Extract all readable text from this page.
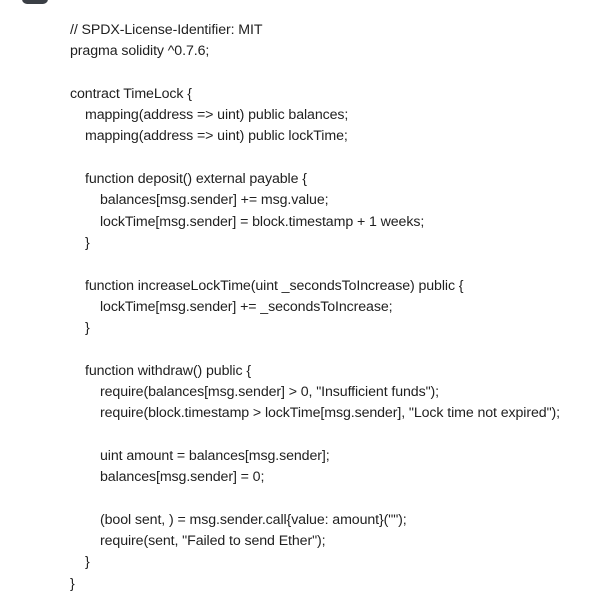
// SPDX-License-Identifier: MIT
pragma solidity ^0.7.6;
contract TimeLock {
mapping(address => uint) public balances;
mapping(address => uint) public lockTime;
function deposit() external payable {
balances[msg.sender] += msg.value;
lockTime[msg.sender] = block.timestamp + 1 weeks;
}
function increaseLockTime(uint _secondsToIncrease) public {
lockTime[msg.sender] += _secondsToIncrease;
}
function withdraw() public {
require(balances[msg.sender] > 0, "Insufficient funds");
require(block.timestamp > lockTime[msg.sender], "Lock time not expired");
uint amount = balances[msg.sender];
balances[msg.sender] = 0;
(bool sent, ) = msg.sender.call{value: amount}("");
require(sent, "Failed to send Ether");
}
}
